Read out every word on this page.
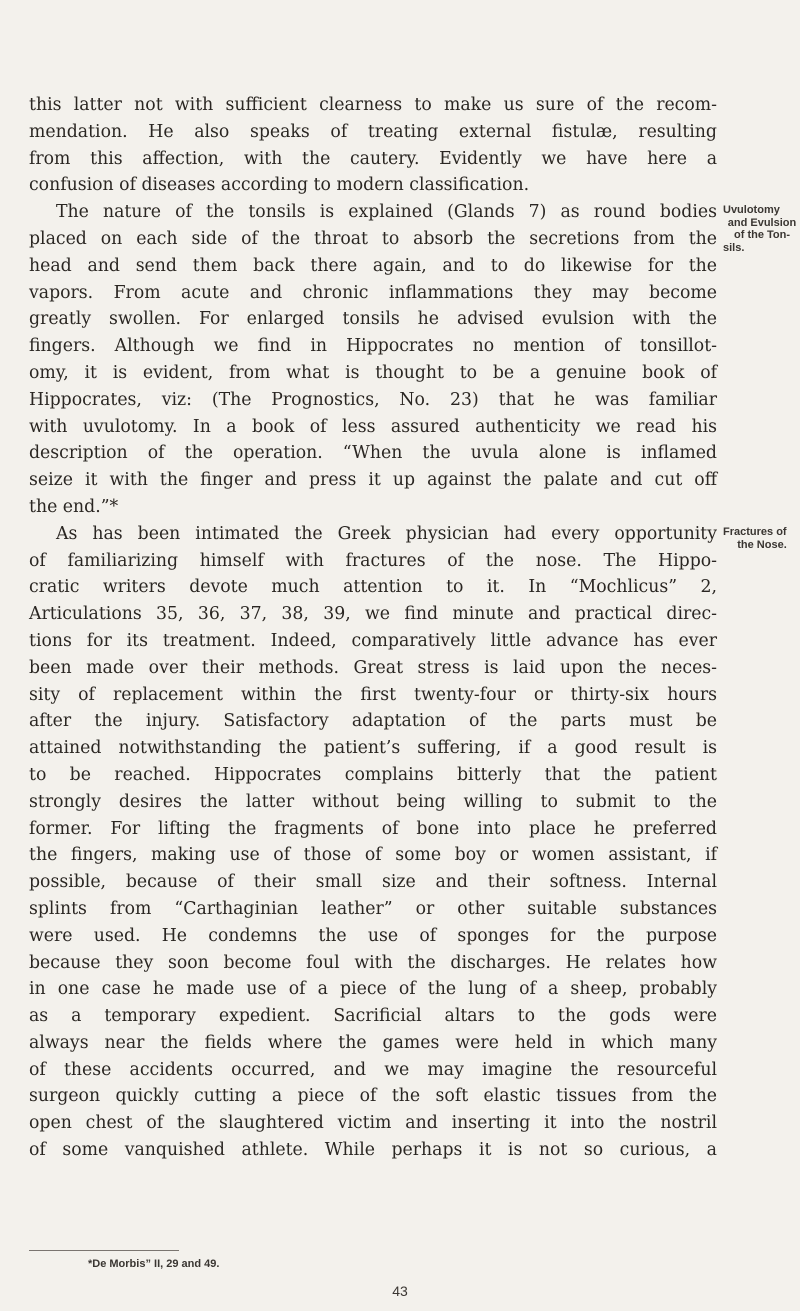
this latter not with sufficient clearness to make us sure of the recom-
mendation. He also speaks of treating external fistulæ, resulting
from this affection, with the cautery. Evidently we have here a
confusion of diseases according to modern classification.
The nature of the tonsils is explained (Glands 7) as round bodies
placed on each side of the throat to absorb the secretions from the
head and send them back there again, and to do likewise for the
vapors. From acute and chronic inflammations they may become
greatly swollen. For enlarged tonsils he advised evulsion with the
fingers. Although we find in Hippocrates no mention of tonsillot-
omy, it is evident, from what is thought to be a genuine book of
Hippocrates, viz: (The Prognostics, No. 23) that he was familiar
with uvulotomy. In a book of less assured authenticity we read his
description of the operation. “When the uvula alone is inflamed
seize it with the finger and press it up against the palate and cut off
the end.”*
As has been intimated the Greek physician had every opportunity
of familiarizing himself with fractures of the nose. The Hippo-
cratic writers devote much attention to it. In “Mochlicus” 2,
Articulations 35, 36, 37, 38, 39, we find minute and practical direc-
tions for its treatment. Indeed, comparatively little advance has ever
been made over their methods. Great stress is laid upon the neces-
sity of replacement within the first twenty-four or thirty-six hours
after the injury. Satisfactory adaptation of the parts must be
attained notwithstanding the patient’s suffering, if a good result is
to be reached. Hippocrates complains bitterly that the patient
strongly desires the latter without being willing to submit to the
former. For lifting the fragments of bone into place he preferred
the fingers, making use of those of some boy or women assistant, if
possible, because of their small size and their softness. Internal
splints from “Carthaginian leather” or other suitable substances
were used. He condemns the use of sponges for the purpose
because they soon become foul with the discharges. He relates how
in one case he made use of a piece of the lung of a sheep, probably
as a temporary expedient. Sacrificial altars to the gods were
always near the fields where the games were held in which many
of these accidents occurred, and we may imagine the resourceful
surgeon quickly cutting a piece of the soft elastic tissues from the
open chest of the slaughtered victim and inserting it into the nostril
of some vanquished athlete. While perhaps it is not so curious, a
Uvulotomy
and Evulsion
of the Ton-
sils.
Fractures of
the Nose.
*De Morbis” II, 29 and 49.
43
